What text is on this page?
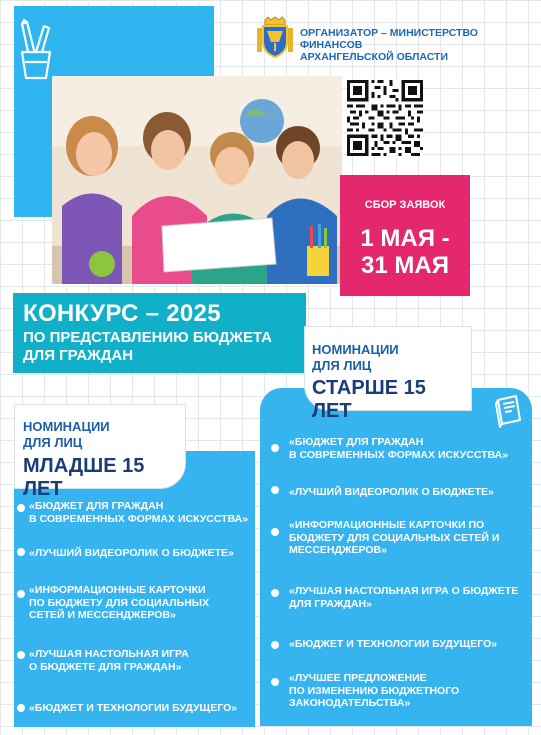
ОРГАНИЗАТОР – МИНИСТЕРСТВО ФИНАНСОВ
АРХАНГЕЛЬСКОЙ ОБЛАСТИ
СБОР ЗАЯВОК
1 МАЯ -
31 МАЯ
КОНКУРС – 2025
ПО ПРЕДСТАВЛЕНИЮ БЮДЖЕТА
ДЛЯ ГРАЖДАН	НОМИНАЦИИ
ДЛЯ ЛИЦ
СТАРШЕ 15 ЛЕТ
НОМИНАЦИИ
ДЛЯ ЛИЦ
МЛАДШЕ 15 ЛЕТ
«БЮДЖЕТ ДЛЯ ГРАЖДАН
В СОВРЕМЕННЫХ ФОРМАХ ИСКУССТВА»
«ЛУЧШИЙ ВИДЕОРОЛИК О БЮДЖЕТЕ»
«ИНФОРМАЦИОННЫЕ КАРТОЧКИ ПО
БЮДЖЕТУ ДЛЯ СОЦИАЛЬНЫХ СЕТЕЙ И
МЕССЕНДЖЕРОВ»
«ЛУЧШАЯ НАСТОЛЬНАЯ ИГРА О БЮДЖЕТЕ
ДЛЯ ГРАЖДАН»
«БЮДЖЕТ И ТЕХНОЛОГИИ БУДУЩЕГО»
«ЛУЧШЕЕ ПРЕДЛОЖЕНИЕ
ПО ИЗМЕНЕНИЮ БЮДЖЕТНОГО
ЗАКОНОДАТЕЛЬСТВА»
«БЮДЖЕТ ДЛЯ ГРАЖДАН
В СОВРЕМЕННЫХ ФОРМАХ ИСКУССТВА»
«ЛУЧШИЙ ВИДЕОРОЛИК О БЮДЖЕТЕ»
«ИНФОРМАЦИОННЫЕ КАРТОЧКИ
ПО БЮДЖЕТУ ДЛЯ СОЦИАЛЬНЫХ
СЕТЕЙ И МЕССЕНДЖЕРОВ»
«ЛУЧШАЯ НАСТОЛЬНАЯ ИГРА
О БЮДЖЕТЕ ДЛЯ ГРАЖДАН»
«БЮДЖЕТ И ТЕХНОЛОГИИ БУДУЩЕГО»
